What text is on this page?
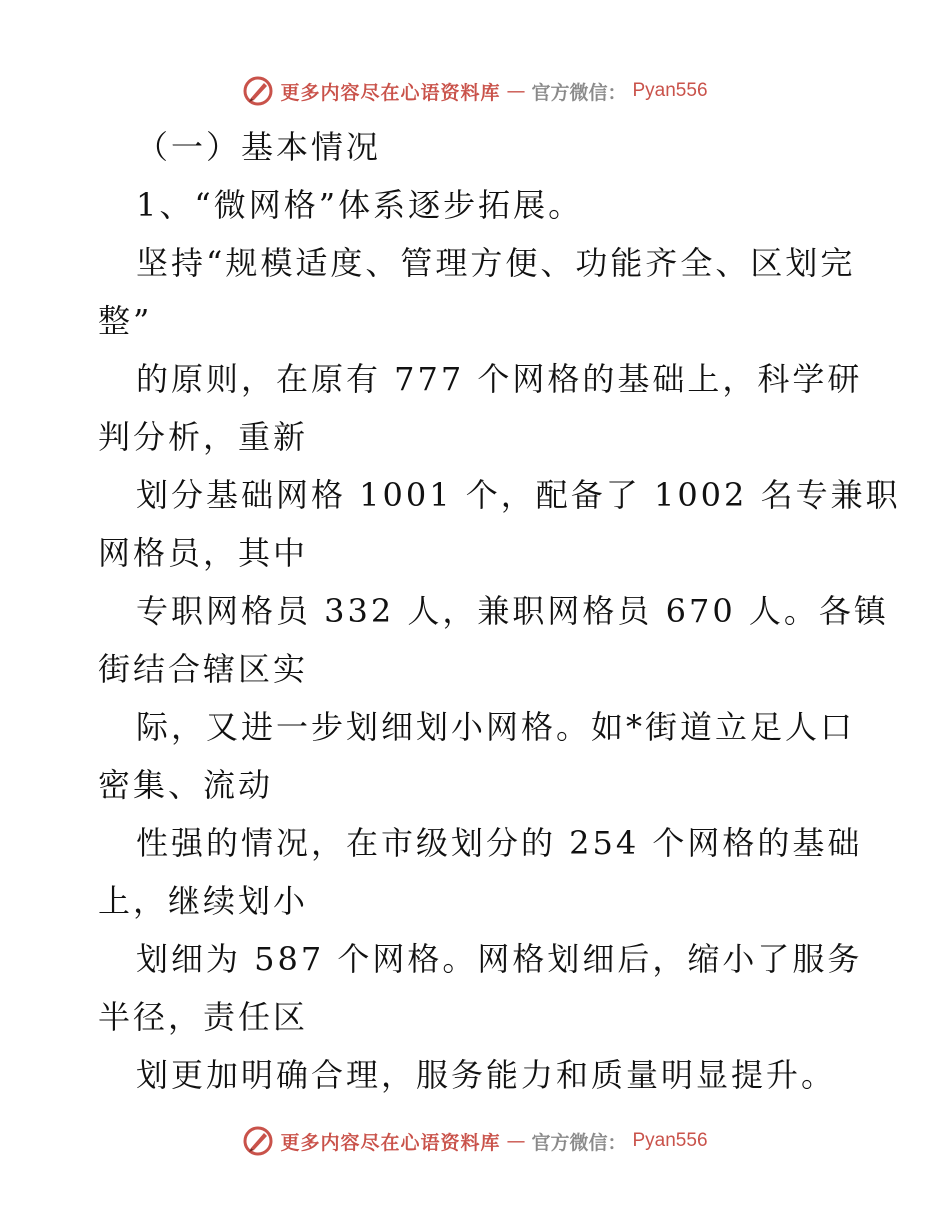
更多内容尽在心语资料库 — 官方微信： Pyan556
（一）基本情况
1、“微网格”体系逐步拓展。
坚持“规模适度、管理方便、功能齐全、区划完
整”
的原则，在原有 777 个网格的基础上，科学研
判分析，重新
划分基础网格 1001 个，配备了 1002 名专兼职
网格员，其中
专职网格员 332 人，兼职网格员 670 人。各镇
街结合辖区实
际，又进一步划细划小网格。如*街道立足人口
密集、流动
性强的情况，在市级划分的 254 个网格的基础
上，继续划小
划细为 587 个网格。网格划细后，缩小了服务
半径，责任区
划更加明确合理，服务能力和质量明显提升。
更多内容尽在心语资料库 — 官方微信： Pyan556
